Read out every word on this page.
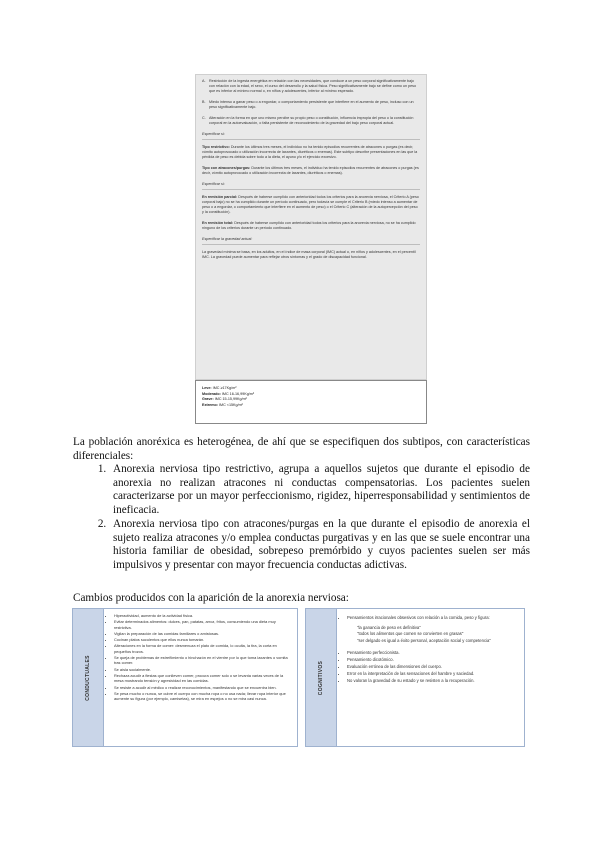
A. Restricción de la ingesta energética en relación con las necesidades, que conduce a un peso corporal significativamente bajo con relación con la edad, el sexo, el curso del desarrollo y la salud física. Peso significativamente bajo se define como un peso que es inferior al mínimo normal o, en niños y adolescentes, inferior al mínimo esperado.
B. Miedo intenso a ganar peso o a engordar, o comportamiento persistente que interfiere en el aumento de peso, incluso con un peso significativamente bajo.
C. Alteración en la forma en que uno mismo percibe su propio peso o constitución, influencia impropia del peso o la constitución corporal en la autoevaluación, o falta persistente de reconocimiento de la gravedad del bajo peso corporal actual.
Especificar si:
Tipo restrictivo: Durante los últimos tres meses, el individuo no ha tenido episodios recurrentes de atracones o purgas (es decir, vómito autoprovocado o utilización incorrecta de laxantes, diuréticos o enemas). Este subtipo describe presentaciones en las que la pérdida de peso es debida sobre todo a la dieta, el ayuno y/o el ejercicio excesivo.
Tipo con atracones/purgas: Durante los últimos tres meses, el individuo ha tenido episodios recurrentes de atracones o purgas (es decir, vómito autoprovocado o utilización incorrecta de laxantes, diuréticos o enemas).
Especificar si:
En remisión parcial: Después de haberse cumplido con anterioridad todos los criterios para la anorexia nerviosa, el Criterio A (peso corporal bajo) no se ha cumplido durante un período continuado, pero todavía se cumple el Criterio B (miedo intenso a aumentar de peso o a engordar, o comportamiento que interfiere en el aumento de peso) o el Criterio C (alteración de la autopercepción del peso y la constitución).
En remisión total: Después de haberse cumplido con anterioridad todos los criterios para la anorexia nerviosa, no se ha cumplido ninguno de los criterios durante un período continuado.
Especificar la gravedad actual:
La gravedad mínima se basa, en los adultos, en el índice de masa corporal (IMC) actual o, en niños y adolescentes, en el percentil IMC. La gravedad puede aumentar para reflejar otros síntomas y el grado de discapacidad funcional.
Leve: IMC ≥17Kg/m²
Moderado: IMC 16-16,99Kg/m²
Grave: IMC 15-15,99Kg/m²
Extremo: IMC <15Kg/m²
La población anoréxica es heterogénea, de ahí que se especifiquen dos subtipos, con características diferenciales:
1. Anorexia nerviosa tipo restrictivo, agrupa a aquellos sujetos que durante el episodio de anorexia no realizan atracones ni conductas compensatorias. Los pacientes suelen caracterizarse por un mayor perfeccionismo, rigidez, hiperresponsabilidad y sentimientos de ineficacia.
2. Anorexia nerviosa tipo con atracones/purgas en la que durante el episodio de anorexia el sujeto realiza atracones y/o emplea conductas purgativas y en las que se suele encontrar una historia familiar de obesidad, sobrepeso premórbido y cuyos pacientes suelen ser más impulsivos y presentar con mayor frecuencia conductas adictivas.
Cambios producidos con la aparición de la anorexia nerviosa:
CONDUCTUALES
• Hiperactividad, aumento de la actividad física.
• Evitar determinados alimentos: dulces, pan, patatas, arroz, fritos, consumiendo una dieta muy restrictiva.
• Vigilan la preparación de las comidas familiares o amistosas.
• Cocinan platos suculentos que ellos nunca tomarán.
• Alteraciones en la forma de comer: desmenuza el plato de comida, lo oculta, la tira, la corta en pequeños trozos.
• Se queja de problemas de estreñimiento o hinchazón en el vientre por lo que toma laxantes o vomita tras comer.
• Se aísla socialmente.
• Rechaza acudir a fiestas que conlleven comer, procura comer solo o se levanta varias veces de la mesa mostrando tensión y agresividad en las comidas.
• Se resiste a acudir al médico o realizar reconocimientos, manifestando que se encuentra bien.
• Se pesa mucho o nunca, se cubre el cuerpo con mucha ropa o no usa nada; llevar ropa interior que aumente su figura (por ejemplo, camisetas), se mira en espejos o no se mira casi nunca.
COGNITIVOS
• Pensamientos irracionales obsesivos con relación a la comida, peso y figura:
"la ganancia de peso es definitiva"
"todos los alimentos que comen se convierten en grasas"
"ser delgado es igual a éxito personal, aceptación social y competencia"
• Pensamiento perfeccionista.
• Pensamiento dicotómico.
• Evaluación errónea de las dimensiones del cuerpo.
• Error en la interpretación de las sensaciones del hambre y saciedad.
• No valoran la gravedad de su estado y se resisten a la recuperación.
